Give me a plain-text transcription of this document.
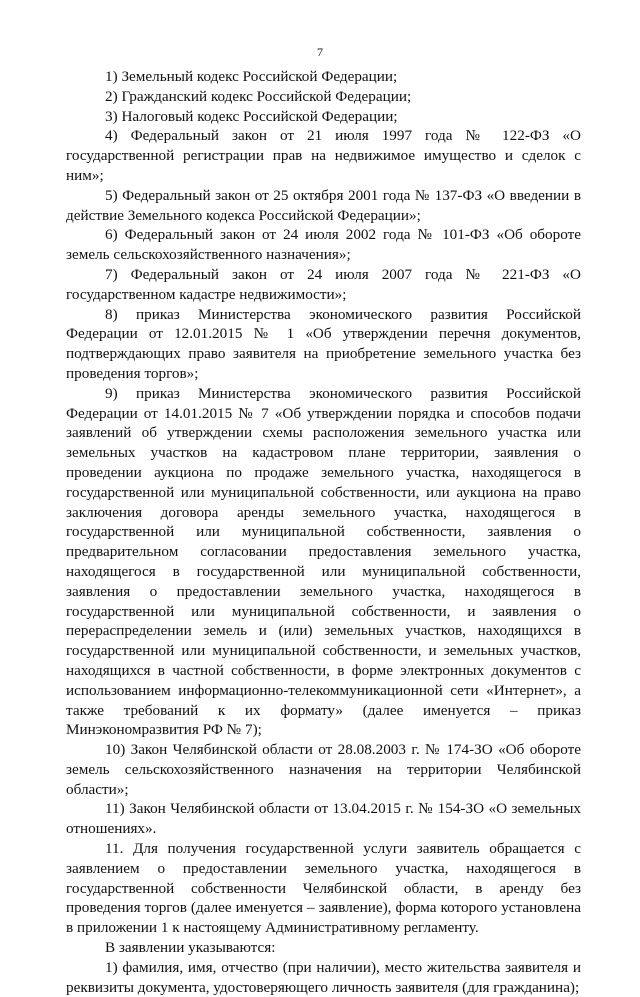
7

1) Земельный кодекс Российской Федерации;

2) Гражданский кодекс Российской Федерации;

3) Налоговый кодекс Российской Федерации;

4) Федеральный закон от 21 июля 1997 года № 122-ФЗ «О государственной регистрации прав на недвижимое имущество и сделок с ним»;

5) Федеральный закон от 25 октября 2001 года № 137-ФЗ «О введении в действие Земельного кодекса Российской Федерации»;

6) Федеральный закон от 24 июля 2002 года № 101-ФЗ «Об обороте земель сельскохозяйственного назначения»;

7) Федеральный закон от 24 июля 2007 года № 221-ФЗ «О государственном кадастре недвижимости»;

8) приказ Министерства экономического развития Российской Федерации от 12.01.2015 № 1 «Об утверждении перечня документов, подтверждающих право заявителя на приобретение земельного участка без проведения торгов»;

9) приказ Министерства экономического развития Российской Федерации от 14.01.2015 № 7 «Об утверждении порядка и способов подачи заявлений об утверждении схемы расположения земельного участка или земельных участков на кадастровом плане территории, заявления о проведении аукциона по продаже земельного участка, находящегося в государственной или муниципальной собственности, или аукциона на право заключения договора аренды земельного участка, находящегося в государственной или муниципальной собственности, заявления о предварительном согласовании предоставления земельного участка, находящегося в государственной или муниципальной собственности, заявления о предоставлении земельного участка, находящегося в государственной или муниципальной собственности, и заявления о перераспределении земель и (или) земельных участков, находящихся в государственной или муниципальной собственности, и земельных участков, находящихся в частной собственности, в форме электронных документов с использованием информационно-телекоммуникационной сети «Интернет», а также требований к их формату» (далее именуется – приказ Минэкономразвития РФ № 7);

10) Закон Челябинской области от 28.08.2003 г. № 174-ЗО «Об обороте земель сельскохозяйственного назначения на территории Челябинской области»;

11) Закон Челябинской области от 13.04.2015 г. № 154-ЗО «О земельных отношениях».

11. Для получения государственной услуги заявитель обращается с заявлением о предоставлении земельного участка, находящегося в государственной собственности Челябинской области, в аренду без проведения торгов (далее именуется – заявление), форма которого установлена в приложении 1 к настоящему Административному регламенту.

В заявлении указываются:

1) фамилия, имя, отчество (при наличии), место жительства заявителя и реквизиты документа, удостоверяющего личность заявителя (для гражданина);
